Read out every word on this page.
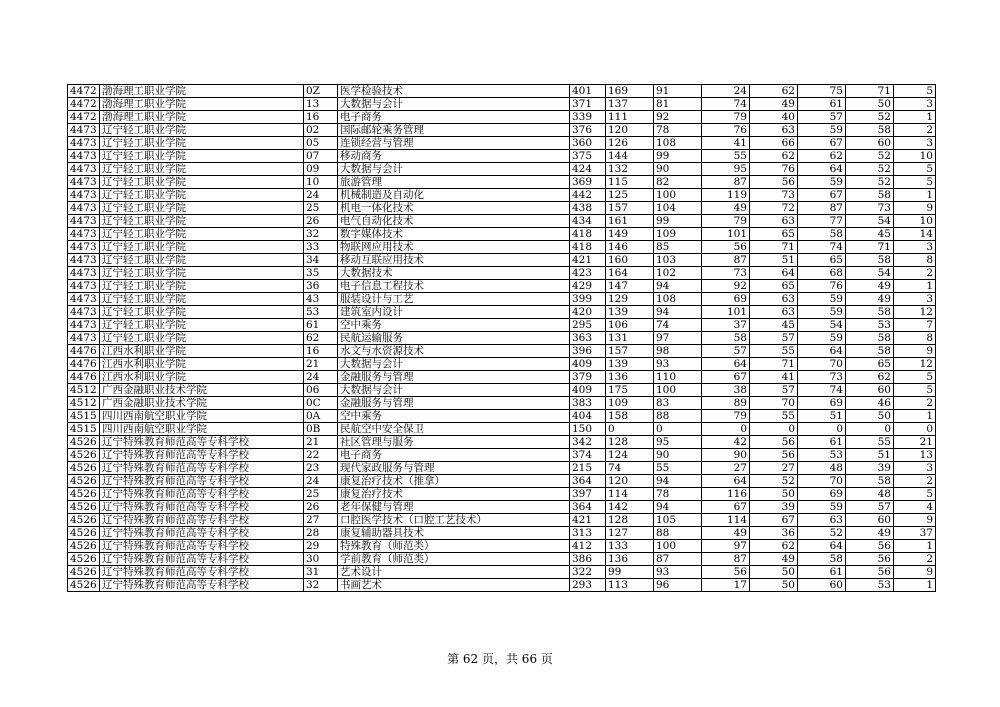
4472	渤海理工职业学院	0Z	医学检验技术	401	169	91	24	62	75	71	5
4472	渤海理工职业学院	13	大数据与会计	371	137	81	74	49	61	50	3
4472	渤海理工职业学院	16	电子商务	339	111	92	79	40	57	52	1
4473	辽宁轻工职业学院	02	国际邮轮乘务管理	376	120	78	76	63	59	58	2
4473	辽宁轻工职业学院	05	连锁经营与管理	360	126	108	41	66	67	60	3
4473	辽宁轻工职业学院	07	移动商务	375	144	99	55	62	62	52	10
4473	辽宁轻工职业学院	09	大数据与会计	424	132	90	95	76	64	52	5
4473	辽宁轻工职业学院	10	旅游管理	369	115	82	87	56	59	52	5
4473	辽宁轻工职业学院	24	机械制造及自动化	442	125	100	119	73	67	58	1
4473	辽宁轻工职业学院	25	机电一体化技术	438	157	104	49	72	87	73	9
4473	辽宁轻工职业学院	26	电气自动化技术	434	161	99	79	63	77	54	10
4473	辽宁轻工职业学院	32	数字媒体技术	418	149	109	101	65	58	45	14
4473	辽宁轻工职业学院	33	物联网应用技术	418	146	85	56	71	74	71	3
4473	辽宁轻工职业学院	34	移动互联应用技术	421	160	103	87	51	65	58	8
4473	辽宁轻工职业学院	35	大数据技术	423	164	102	73	64	68	54	2
4473	辽宁轻工职业学院	36	电子信息工程技术	429	147	94	92	65	76	49	1
4473	辽宁轻工职业学院	43	服装设计与工艺	399	129	108	69	63	59	49	3
4473	辽宁轻工职业学院	53	建筑室内设计	420	139	94	101	63	59	58	12
4473	辽宁轻工职业学院	61	空中乘务	295	106	74	37	45	54	53	7
4473	辽宁轻工职业学院	62	民航运输服务	363	131	97	58	57	59	58	8
4476	江西水利职业学院	16	水文与水资源技术	396	157	98	57	55	64	58	9
4476	江西水利职业学院	21	大数据与会计	409	139	93	64	71	70	65	12
4476	江西水利职业学院	24	金融服务与管理	379	136	110	67	41	73	62	5
4512	广西金融职业技术学院	06	大数据与会计	409	175	100	38	57	74	60	5
4512	广西金融职业技术学院	0C	金融服务与管理	383	109	83	89	70	69	46	2
4515	四川西南航空职业学院	0A	空中乘务	404	158	88	79	55	51	50	1
4515	四川西南航空职业学院	0B	民航空中安全保卫	150	0	0	0	0	0	0	0
4526	辽宁特殊教育师范高等专科学校	21	社区管理与服务	342	128	95	42	56	61	55	21
4526	辽宁特殊教育师范高等专科学校	22	电子商务	374	124	90	90	56	53	51	13
4526	辽宁特殊教育师范高等专科学校	23	现代家政服务与管理	215	74	55	27	27	48	39	3
4526	辽宁特殊教育师范高等专科学校	24	康复治疗技术（推拿）	364	120	94	64	52	70	58	2
4526	辽宁特殊教育师范高等专科学校	25	康复治疗技术	397	114	78	116	50	69	48	5
4526	辽宁特殊教育师范高等专科学校	26	老年保健与管理	364	142	94	67	39	59	57	4
4526	辽宁特殊教育师范高等专科学校	27	口腔医学技术（口腔工艺技术）	421	128	105	114	67	63	60	9
4526	辽宁特殊教育师范高等专科学校	28	康复辅助器具技术	313	127	88	49	36	52	49	37
4526	辽宁特殊教育师范高等专科学校	29	特殊教育（师范类）	412	133	100	97	62	64	56	1
4526	辽宁特殊教育师范高等专科学校	30	学前教育（师范类）	386	136	87	87	49	58	56	2
4526	辽宁特殊教育师范高等专科学校	31	艺术设计	322	99	93	56	50	61	56	9
4526	辽宁特殊教育师范高等专科学校	32	书画艺术	293	113	96	17	50	60	53	1
第 62 页，共 66 页
